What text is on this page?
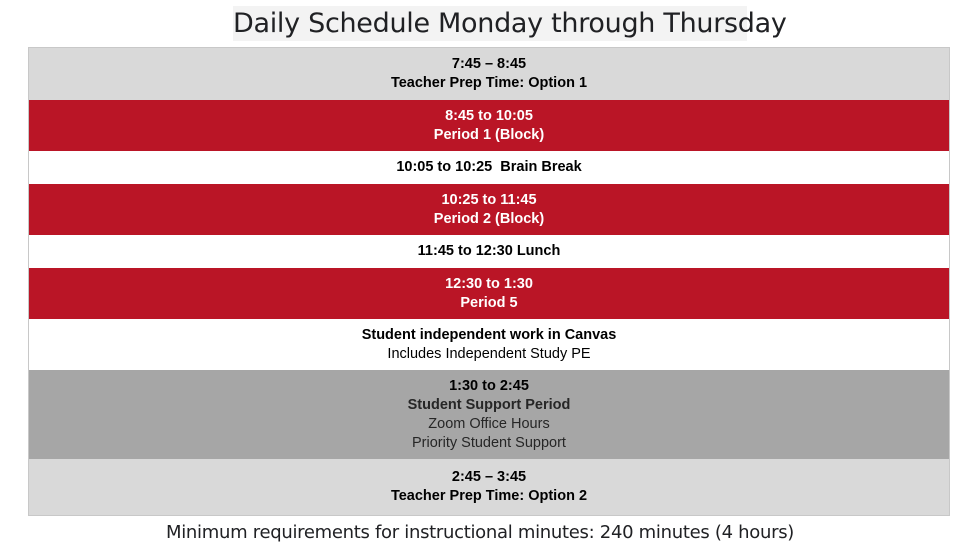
Daily Schedule Monday through Thursday
7:45 – 8:45
Teacher Prep Time: Option 1
8:45 to 10:05
Period 1 (Block)
10:05 to 10:25  Brain Break
10:25 to 11:45
Period 2 (Block)
11:45 to 12:30 Lunch
12:30 to 1:30
Period 5
Student independent work in Canvas
Includes Independent Study PE
1:30 to 2:45
Student Support Period
Zoom Office Hours
Priority Student Support
2:45 – 3:45
Teacher Prep Time: Option 2
Minimum requirements for instructional minutes: 240 minutes (4 hours)
